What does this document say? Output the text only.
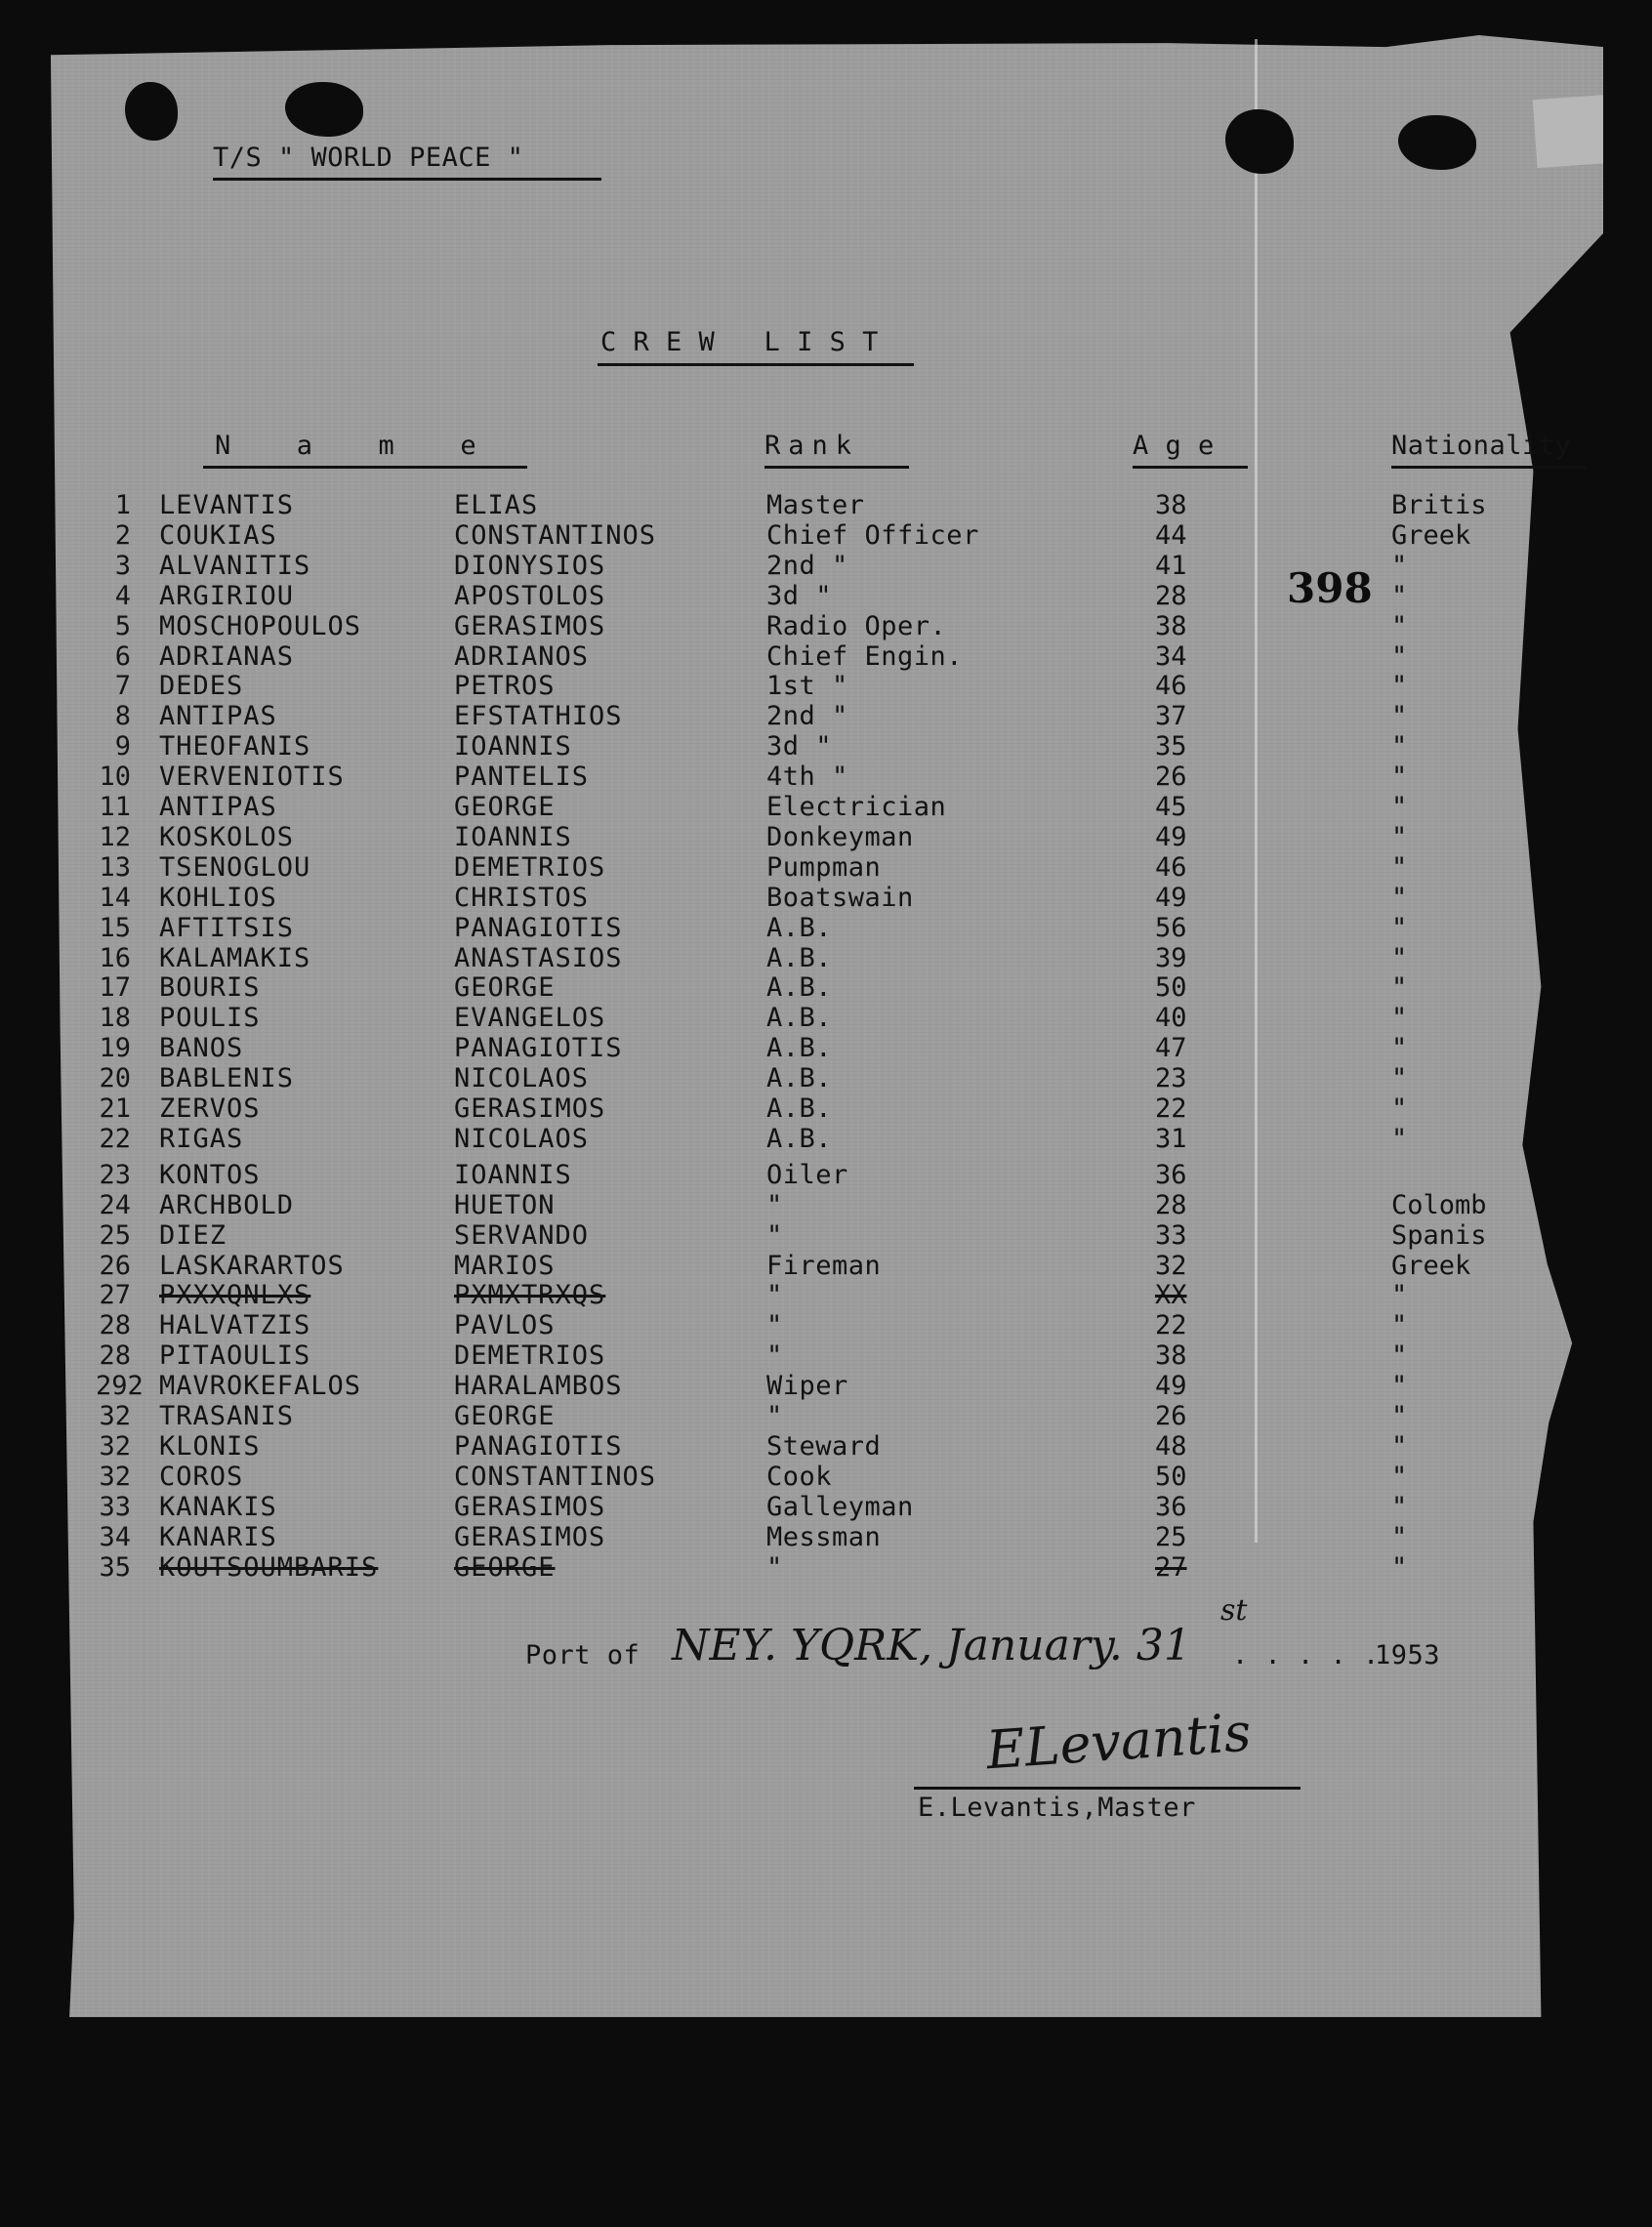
T/S " WORLD PEACE "
C R E W   L I S T
N    a    m    e	Rank	A g e	Nationality
398
1 LEVANTIS	ELIAS	Master	38	Britis
2 COUKIAS	CONSTANTINOS	Chief Officer	44	Greek
3 ALVANITIS	DIONYSIOS	2nd "	41	"
4 ARGIRIOU	APOSTOLOS	3d "	28	"
5 MOSCHOPOULOS	GERASIMOS	Radio Oper.	38	"
6 ADRIANAS	ADRIANOS	Chief Engin.	34	"
7 DEDES	PETROS	1st "	46	"
8 ANTIPAS	EFSTATHIOS	2nd "	37	"
9 THEOFANIS	IOANNIS	3d "	35	"
10 VERVENIOTIS	PANTELIS	4th "	26	"
11 ANTIPAS	GEORGE	Electrician	45	"
12 KOSKOLOS	IOANNIS	Donkeyman	49	"
13 TSENOGLOU	DEMETRIOS	Pumpman	46	"
14 KOHLIOS	CHRISTOS	Boatswain	49	"
15 AFTITSIS	PANAGIOTIS	A.B.	56	"
16 KALAMAKIS	ANASTASIOS	A.B.	39	"
17 BOURIS	GEORGE	A.B.	50	"
18 POULIS	EVANGELOS	A.B.	40	"
19 BANOS	PANAGIOTIS	A.B.	47	"
20 BABLENIS	NICOLAOS	A.B.	23	"
21 ZERVOS	GERASIMOS	A.B.	22	"
22 RIGAS	NICOLAOS	A.B.	31	"
23 KONTOS	IOANNIS	Oiler	36
24 ARCHBOLD	HUETON	"	28	Colomb
25 DIEZ	SERVANDO	"	33	Spanis
26 LASKARARTOS	MARIOS	Fireman	32	Greek
27 PXXXQNLXS	PXMXTRXQS	"	XX	"
28 HALVATZIS	PAVLOS	"	22	"
28 PITAOULIS	DEMETRIOS	"	38	"
292 MAVROKEFALOS	HARALAMBOS	Wiper	49	"
32 TRASANIS	GEORGE	"	26	"
32 KLONIS	PANAGIOTIS	Steward	48	"
32 COROS	CONSTANTINOS	Cook	50	"
33 KANAKIS	GERASIMOS	Galleyman	36	"
34 KANARIS	GERASIMOS	Messman	25	"
35 KOUTSOUMBARIS	GEORGE	"	27	"
Port of NEY. YQRK, January. 31
st
. . . . .
1953
ELevantis
E.Levantis,Master
